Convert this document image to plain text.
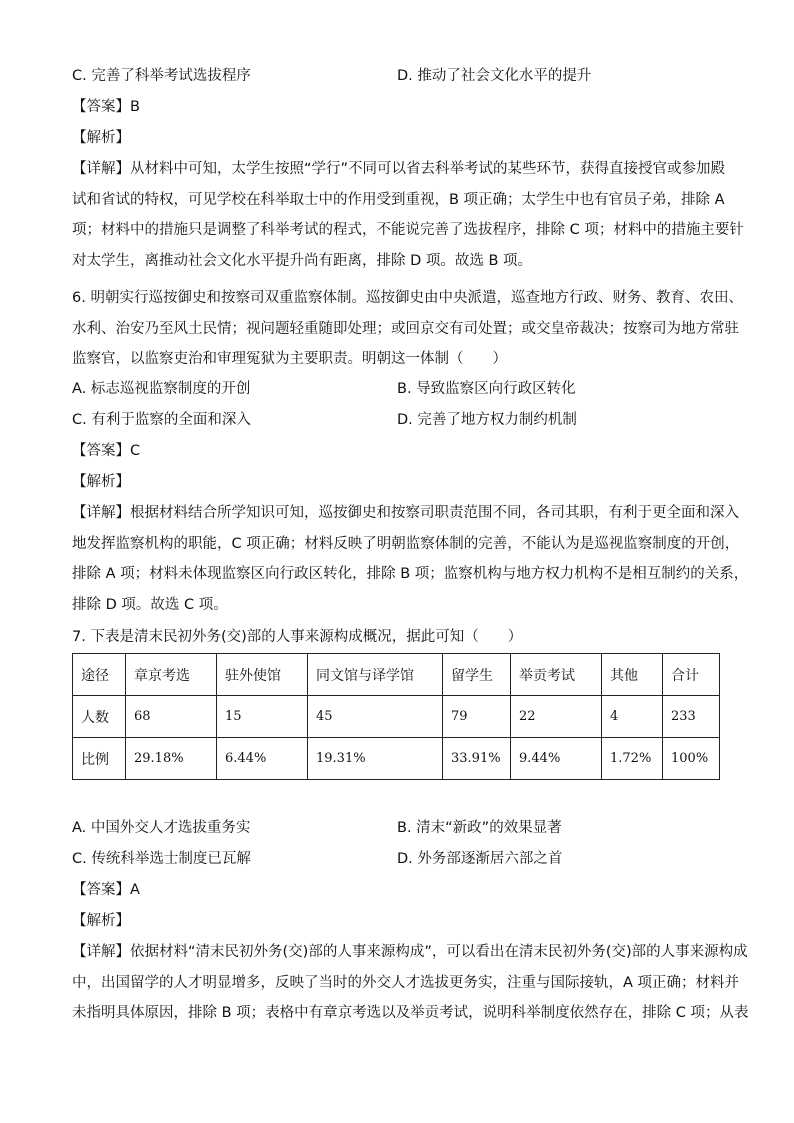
C. 完善了科举考试选拔程序	D. 推动了社会文化水平的提升
【答案】B
【解析】
【详解】从材料中可知，太学生按照“学行”不同可以省去科举考试的某些环节，获得直接授官或参加殿
试和省试的特权，可见学校在科举取士中的作用受到重视，B 项正确；太学生中也有官员子弟，排除 A
项；材料中的措施只是调整了科举考试的程式，不能说完善了选拔程序，排除 C 项；材料中的措施主要针
对太学生，离推动社会文化水平提升尚有距离，排除 D 项。故选 B 项。
6. 明朝实行巡按御史和按察司双重监察体制。巡按御史由中央派遣，巡查地方行政、财务、教育、农田、
水利、治安乃至风土民情；视问题轻重随即处理；或回京交有司处置；或交皇帝裁决；按察司为地方常驻
监察官，以监察吏治和审理冤狱为主要职责。明朝这一体制（　　）
A. 标志巡视监察制度的开创	B. 导致监察区向行政区转化
C. 有利于监察的全面和深入	D. 完善了地方权力制约机制
【答案】C
【解析】
【详解】根据材料结合所学知识可知，巡按御史和按察司职责范围不同，各司其职，有利于更全面和深入
地发挥监察机构的职能，C 项正确；材料反映了明朝监察体制的完善，不能认为是巡视监察制度的开创，
排除 A 项；材料未体现监察区向行政区转化，排除 B 项；监察机构与地方权力机构不是相互制约的关系，
排除 D 项。故选 C 项。
7. 下表是清末民初外务(交)部的人事来源构成概况，据此可知（　　）
途径	章京考选	驻外使馆	同文馆与译学馆	留学生	举贡考试	其他	合计
人数	68	15	45	79	22	4	233
比例	29.18%	6.44%	19.31%	33.91%	9.44%	1.72%	100%
A. 中国外交人才选拔重务实	B. 清末“新政”的效果显著
C. 传统科举选士制度已瓦解	D. 外务部逐渐居六部之首
【答案】A
【解析】
【详解】依据材料“清末民初外务(交)部的人事来源构成”，可以看出在清末民初外务(交)部的人事来源构成
中，出国留学的人才明显增多，反映了当时的外交人才选拔更务实，注重与国际接轨，A 项正确；材料并
未指明具体原因，排除 B 项；表格中有章京考选以及举贡考试，说明科举制度依然存在，排除 C 项；从表
